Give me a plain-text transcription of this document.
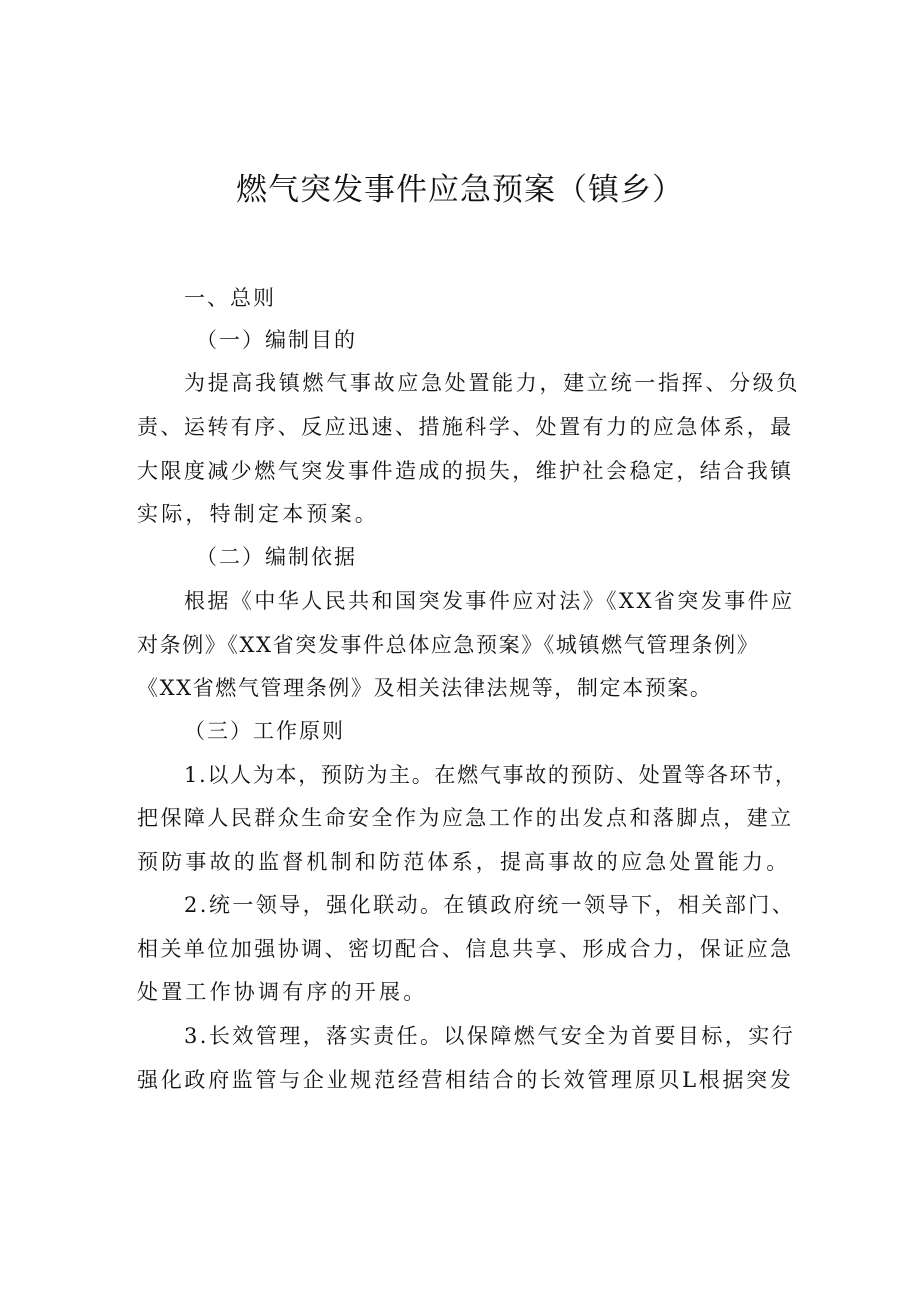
燃气突发事件应急预案（镇乡）

一、总则

（一）编制目的

为提高我镇燃气事故应急处置能力，建立统一指挥、分级负

责、运转有序、反应迅速、措施科学、处置有力的应急体系，最

大限度减少燃气突发事件造成的损失，维护社会稳定，结合我镇

实际，特制定本预案。

（二）编制依据

根据《中华人民共和国突发事件应对法》《XX省突发事件应

对条例》《XX省突发事件总体应急预案》《城镇燃气管理条例》

《XX省燃气管理条例》及相关法律法规等，制定本预案。

（三）工作原则

1.以人为本，预防为主。在燃气事故的预防、处置等各环节，

把保障人民群众生命安全作为应急工作的出发点和落脚点，建立

预防事故的监督机制和防范体系，提高事故的应急处置能力。

2.统一领导，强化联动。在镇政府统一领导下，相关部门、

相关单位加强协调、密切配合、信息共享、形成合力，保证应急

处置工作协调有序的开展。

3.长效管理，落实责任。以保障燃气安全为首要目标，实行

强化政府监管与企业规范经营相结合的长效管理原贝L根据突发
